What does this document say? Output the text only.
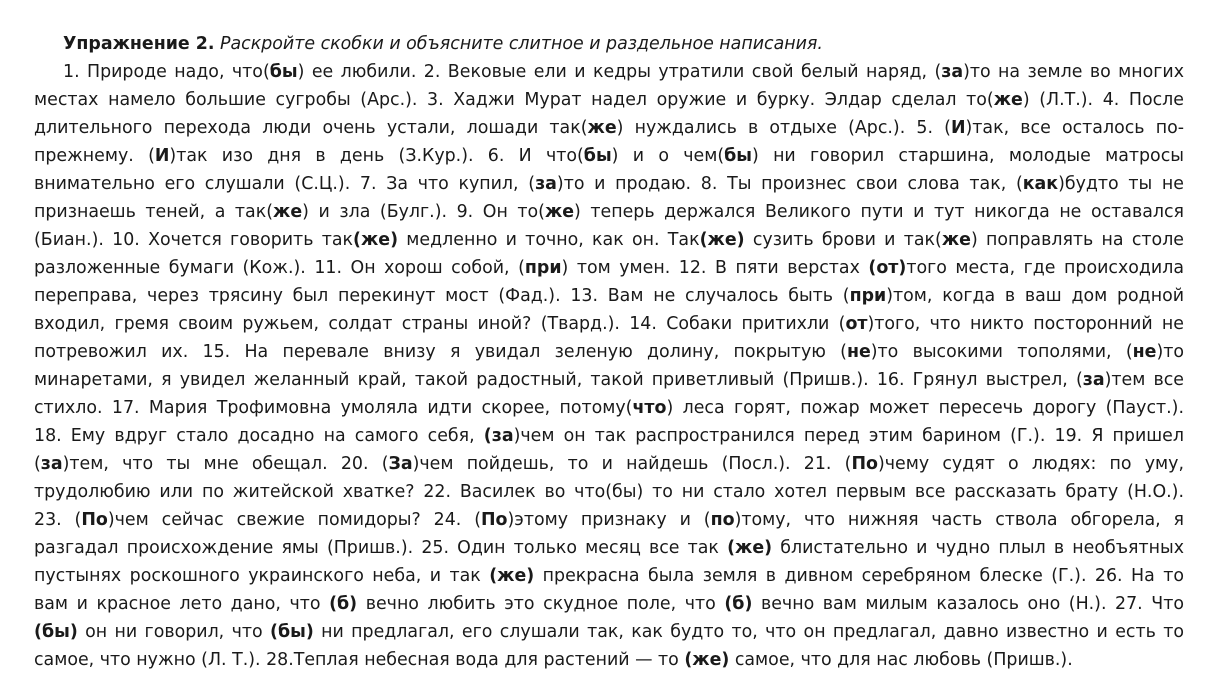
Упражнение 2. Раскройте скобки и объясните слитное и раздельное написания.

1. Природе надо, что(бы) ее любили. 2. Вековые ели и кедры утратили свой белый наряд, (за)то на земле во многих
местах намело большие сугробы (Арс.). 3. Хаджи Мурат надел оружие и бурку. Элдар сделал то(же) (Л.Т.). 4. После
длительного перехода люди очень устали, лошади так(же) нуждались в отдыхе (Арс.). 5. (И)так, все осталось по-
прежнему. (И)так изо дня в день (З.Кур.). 6. И что(бы) и о чем(бы) ни говорил старшина, молодые матросы
внимательно его слушали (С.Ц.). 7. За что купил, (за)то и продаю. 8. Ты произнес свои слова так, (как)будто ты не
признаешь теней, а так(же) и зла (Булг.). 9. Он то(же) теперь держался Великого пути и тут никогда не оставался
(Биан.). 10. Хочется говорить так(же) медленно и точно, как он. Так(же) сузить брови и так(же) поправлять на столе
разложенные бумаги (Кож.). 11. Он хорош собой, (при) том умен. 12. В пяти верстах (от)того места, где происходила
переправа, через трясину был перекинут мост (Фад.). 13. Вам не случалось быть (при)том, когда в ваш дом родной
входил, гремя своим ружьем, солдат страны иной? (Твард.). 14. Собаки притихли (от)того, что никто посторонний не
потревожил их. 15. На перевале внизу я увидал зеленую долину, покрытую (не)то высокими тополями, (не)то
минаретами, я увидел желанный край, такой радостный, такой приветливый (Пришв.). 16. Грянул выстрел, (за)тем все
стихло. 17. Мария Трофимовна умоляла идти скорее, потому(что) леса горят, пожар может пересечь дорогу (Пауст.).
18. Ему вдруг стало досадно на самого себя, (за)чем он так распространился перед этим барином (Г.). 19. Я пришел
(за)тем, что ты мне обещал. 20. (За)чем пойдешь, то и найдешь (Посл.). 21. (По)чему судят о людях: по уму,
трудолюбию или по житейской хватке? 22. Василек во что(бы) то ни стало хотел первым все рассказать брату (Н.О.).
23. (По)чем сейчас свежие помидоры? 24. (По)этому признаку и (по)тому, что нижняя часть ствола обгорела, я
разгадал происхождение ямы (Пришв.). 25. Один только месяц все так (же) блистательно и чудно плыл в необъятных
пустынях роскошного украинского неба, и так (же) прекрасна была земля в дивном серебряном блеске (Г.). 26. На то
вам и красное лето дано, что (б) вечно любить это скудное поле, что (б) вечно вам милым казалось оно (Н.). 27. Что
(бы) он ни говорил, что (бы) ни предлагал, его слушали так, как будто то, что он предлагал, давно известно и есть то
самое, что нужно (Л. Т.). 28.Теплая небесная вода для растений — то (же) самое, что для нас любовь (Пришв.).
